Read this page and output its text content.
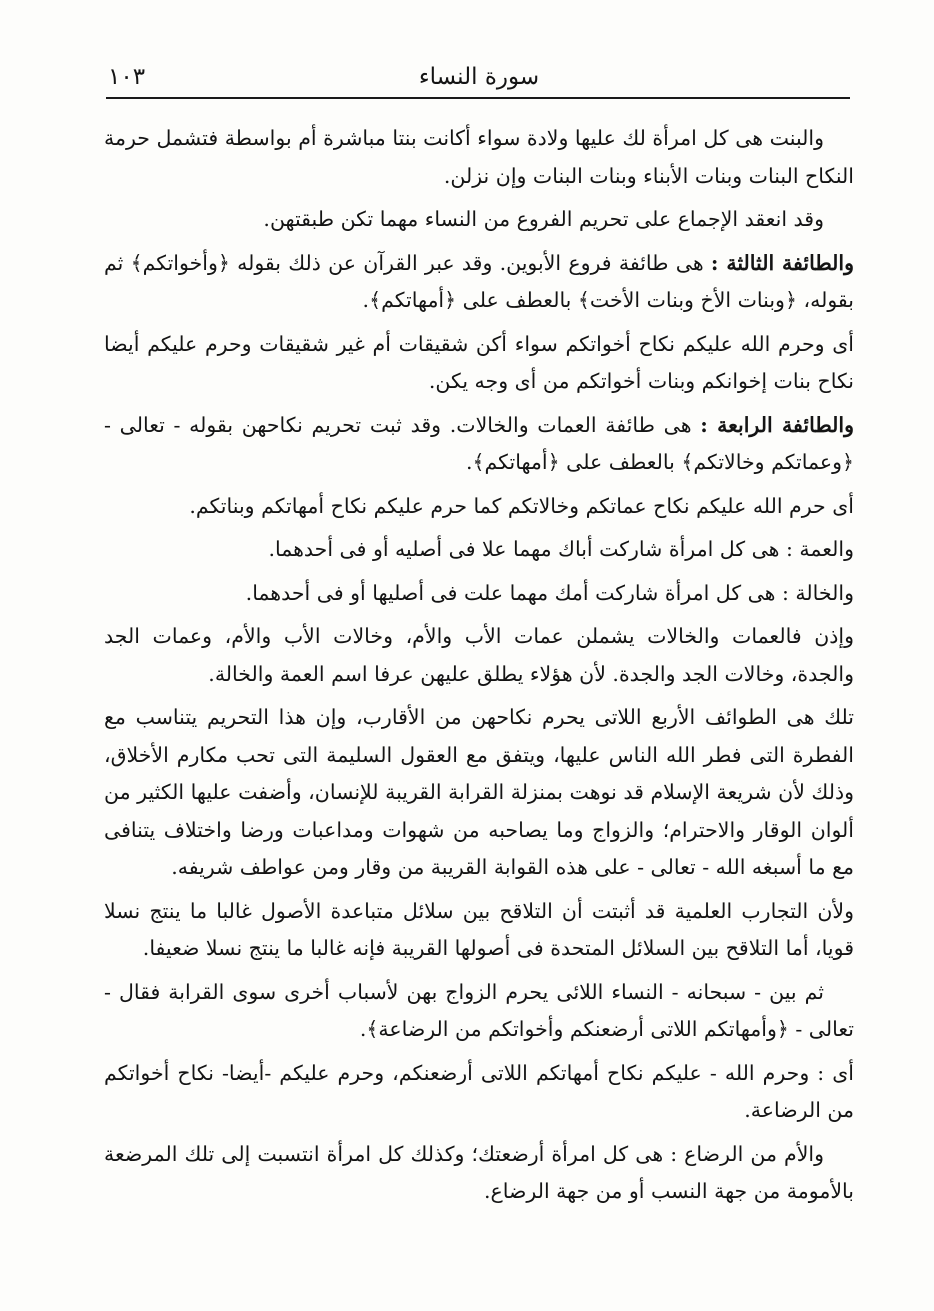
سورة النساء
١٠٣

والبنت هى كل امرأة لك عليها ولادة سواء أكانت بنتا مباشرة أم بواسطة فتشمل حرمة النكاح البنات وبنات الأبناء وبنات البنات وإن نزلن.

وقد انعقد الإجماع على تحريم الفروع من النساء مهما تكن طبقتهن.

والطائفة الثالثة : هى طائفة فروع الأبوين. وقد عبر القرآن عن ذلك بقوله ﴿وأخواتكم﴾ ثم بقوله، ﴿وبنات الأخ وبنات الأخت﴾ بالعطف على ﴿أمهاتكم﴾.

أى وحرم الله عليكم نكاح أخواتكم سواء أكن شقيقات أم غير شقيقات وحرم عليكم أيضا نكاح بنات إخوانكم وبنات أخواتكم من أى وجه يكن.

والطائفة الرابعة : هى طائفة العمات والخالات. وقد ثبت تحريم نكاحهن بقوله - تعالى - ﴿وعماتكم وخالاتكم﴾ بالعطف على ﴿أمهاتكم﴾.

أى حرم الله عليكم نكاح عماتكم وخالاتكم كما حرم عليكم نكاح أمهاتكم وبناتكم.

والعمة : هى كل امرأة شاركت أباك مهما علا فى أصليه أو فى أحدهما.

والخالة : هى كل امرأة شاركت أمك مهما علت فى أصليها أو فى أحدهما.

وإذن فالعمات والخالات يشملن عمات الأب والأم، وخالات الأب والأم، وعمات الجد والجدة، وخالات الجد والجدة. لأن هؤلاء يطلق عليهن عرفا اسم العمة والخالة.

تلك هى الطوائف الأربع اللاتى يحرم نكاحهن من الأقارب، وإن هذا التحريم يتناسب مع الفطرة التى فطر الله الناس عليها، ويتفق مع العقول السليمة التى تحب مكارم الأخلاق، وذلك لأن شريعة الإسلام قد نوهت بمنزلة القرابة القريبة للإنسان، وأضفت عليها الكثير من ألوان الوقار والاحترام؛ والزواج وما يصاحبه من شهوات ومداعبات ورضا واختلاف يتنافى مع ما أسبغه الله - تعالى - على هذه القوابة القريبة من وقار ومن عواطف شريفه.

ولأن التجارب العلمية قد أثبتت أن التلاقح بين سلائل متباعدة الأصول غالبا ما ينتج نسلا قويا، أما التلاقح بين السلائل المتحدة فى أصولها القريبة فإنه غالبا ما ينتج نسلا ضعيفا.

ثم بين - سبحانه - النساء اللائى يحرم الزواج بهن لأسباب أخرى سوى القرابة فقال - تعالى - ﴿وأمهاتكم اللاتى أرضعنكم وأخواتكم من الرضاعة﴾.

أى : وحرم الله - عليكم نكاح أمهاتكم اللاتى أرضعنكم، وحرم عليكم -أيضا- نكاح أخواتكم من الرضاعة.

والأم من الرضاع : هى كل امرأة أرضعتك؛ وكذلك كل امرأة انتسبت إلى تلك المرضعة بالأمومة من جهة النسب أو من جهة الرضاع.
